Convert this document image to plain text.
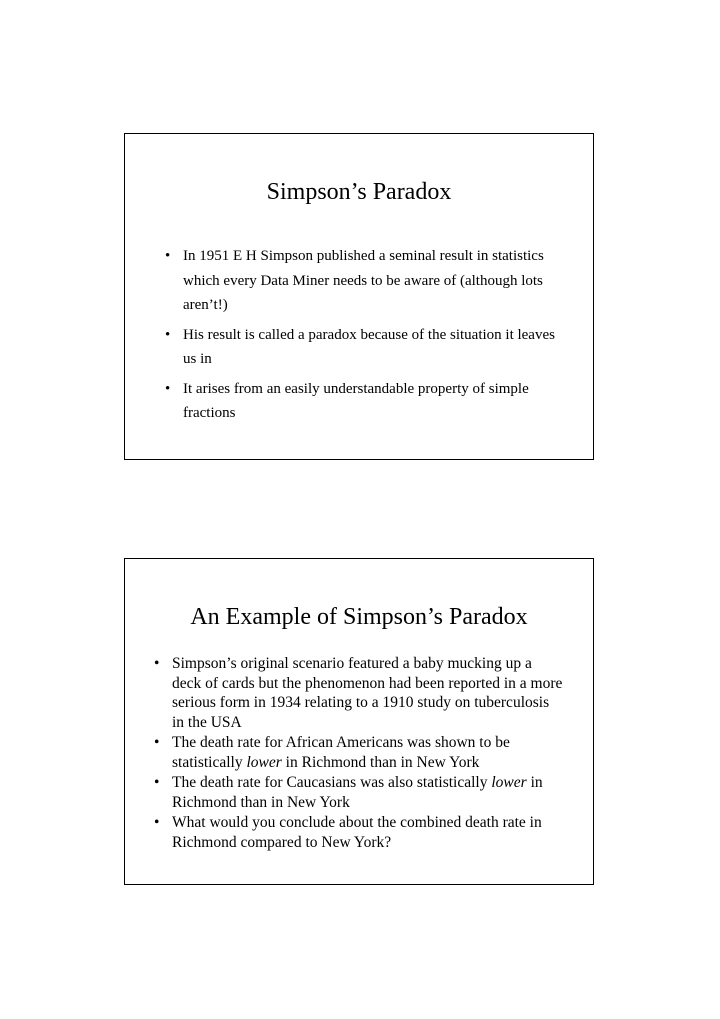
Simpson’s Paradox
• In 1951 E H Simpson published a seminal result in statistics which every Data Miner needs to be aware of (although lots aren’t!)
• His result is called a paradox because of the situation it leaves us in
• It arises from an easily understandable property of simple fractions
An Example of Simpson’s Paradox
• Simpson’s original scenario featured a baby mucking up a deck of cards but the phenomenon had been reported in a more serious form in 1934 relating to a 1910 study on tuberculosis in the USA
• The death rate for African Americans was shown to be statistically lower in Richmond than in New York
• The death rate for Caucasians was also statistically lower in Richmond than in New York
• What would you conclude about the combined death rate in Richmond compared to New York?
